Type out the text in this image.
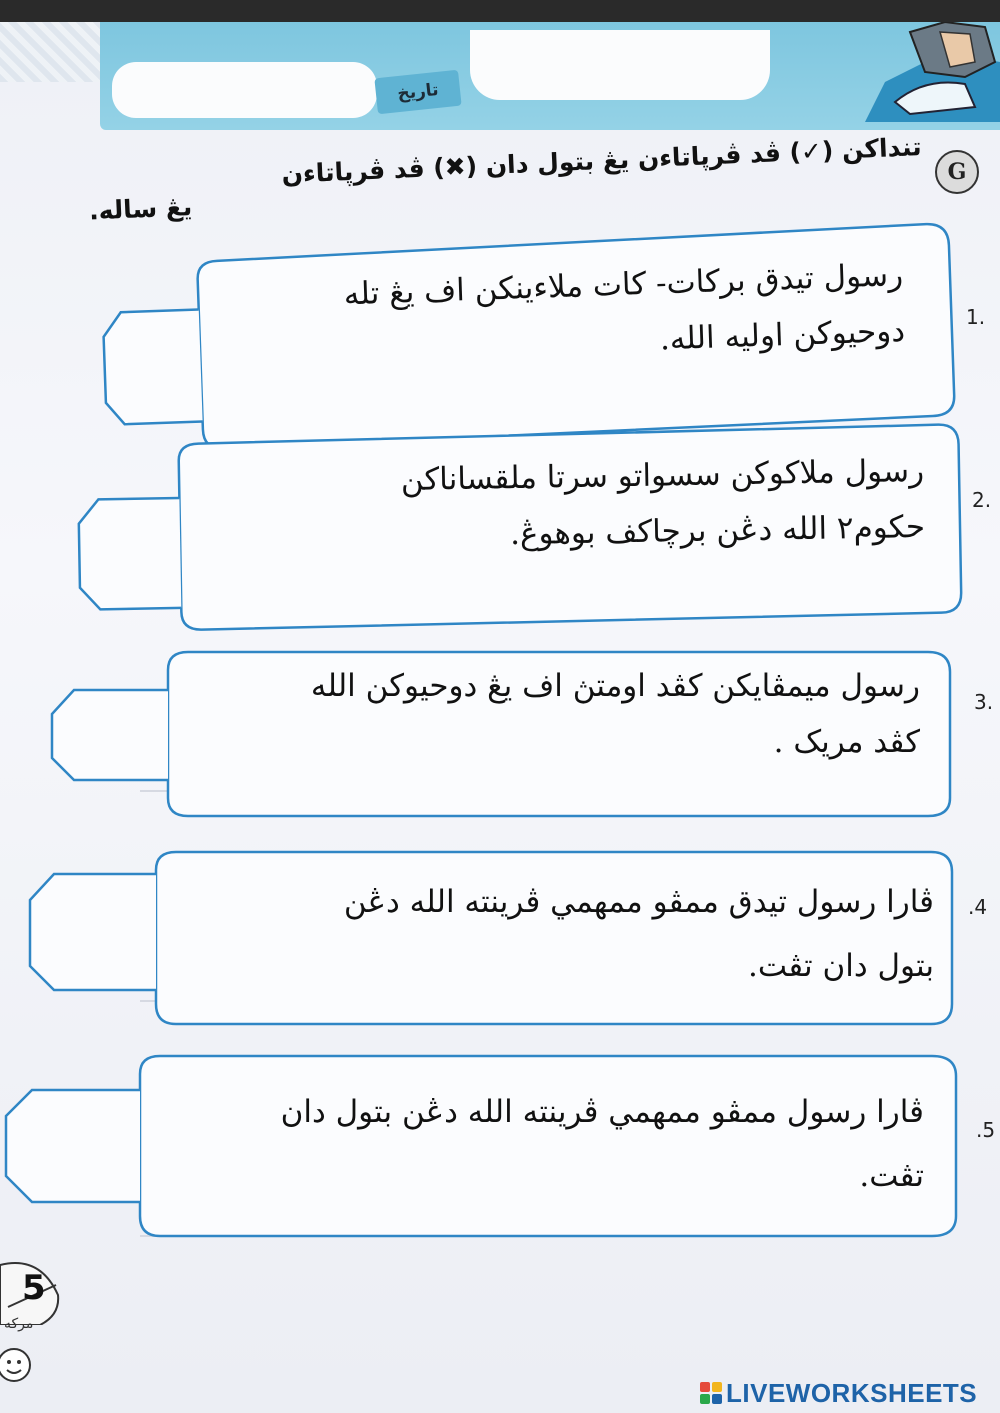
تاريخ
G
تنداكن (✓) ڤد ڤرپاتاءن يڠ بتول دان (✖) ڤد ڤرپاتاءن
يڠ ساله.
رسول تيدق بركات- كات ملاءينكن اف يڠ تله
دوحيوكن اوليه الله.	1.
رسول ملاكوكن سسواتو سرتا ملقساناكن
حكوم٢ الله دڠن برچاكف بوهوڠ.
2.
رسول ميمڤايكن كڤد اومتڽ اف يڠ دوحيوكن الله
كڤد مريک .
3.
ڤارا رسول تيدق ممڤو ممهمي ڤرينته الله دڠن
بتول دان تڤت.
.4
ڤارا رسول ممڤو ممهمي ڤرينته الله دڠن بتول دان
تڤت.
.5
5
مركه
LIVEWORKSHEETS
